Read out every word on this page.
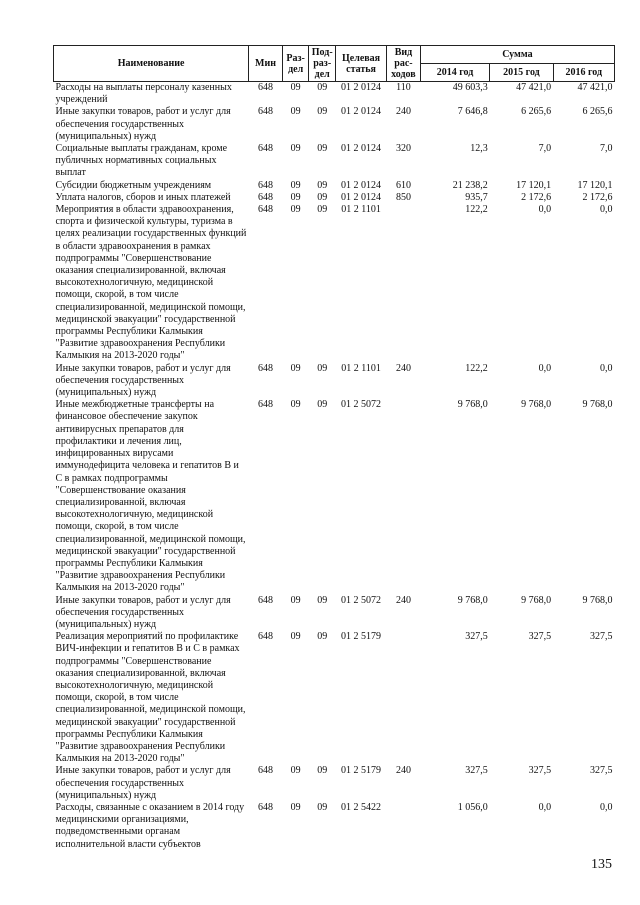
Наименование	Мин	Раз-дел	Под-раз-дел	Целевая статья	Вид рас-ходов	Сумма		
						2014 год	2015 год	2016 год
Расходы на выплаты персоналу казенных учреждений	648	09	09	01 2 0124	110	49 603,3	47 421,0	47 421,0
Иные закупки товаров, работ и услуг для обеспечения государственных (муниципальных) нужд	648	09	09	01 2 0124	240	7 646,8	6 265,6	6 265,6
Социальные выплаты гражданам, кроме публичных нормативных социальных выплат	648	09	09	01 2 0124	320	12,3	7,0	7,0
Субсидии бюджетным учреждениям	648	09	09	01 2 0124	610	21 238,2	17 120,1	17 120,1
Уплата налогов, сборов и иных платежей	648	09	09	01 2 0124	850	935,7	2 172,6	2 172,6
Мероприятия в области здравоохранения, спорта и физической культуры, туризма в целях реализации государственных функций в области здравоохранения в рамках подпрограммы "Совершенствование оказания специализированной, включая высокотехнологичную, медицинской помощи, скорой, в том числе специализированной, медицинской помощи, медицинской эвакуации" государственной программы Республики Калмыкия "Развитие здравоохранения Республики Калмыкия на 2013-2020 годы"	648	09	09	01 2 1101		122,2	0,0	0,0
Иные закупки товаров, работ и услуг для обеспечения государственных (муниципальных) нужд	648	09	09	01 2 1101	240	122,2	0,0	0,0
Иные межбюджетные трансферты на финансовое обеспечение закупок антивирусных препаратов для профилактики и лечения лиц, инфицированных вирусами иммунодефицита человека и гепатитов В и С в рамках подпрограммы "Совершенствование оказания специализированной, включая высокотехнологичную, медицинской помощи, скорой, в том числе специализированной, медицинской помощи, медицинской эвакуации" государственной программы Республики Калмыкия "Развитие здравоохранения Республики Калмыкия на 2013-2020 годы"	648	09	09	01 2 5072		9 768,0	9 768,0	9 768,0
Иные закупки товаров, работ и услуг для обеспечения государственных (муниципальных) нужд	648	09	09	01 2 5072	240	9 768,0	9 768,0	9 768,0
Реализация мероприятий по профилактике ВИЧ-инфекции и гепатитов В и С в рамках подпрограммы "Совершенствование оказания специализированной, включая высокотехнологичную, медицинской помощи, скорой, в том числе специализированной, медицинской помощи, медицинской эвакуации" государственной программы Республики Калмыкия "Развитие здравоохранения Республики Калмыкия на 2013-2020 годы"	648	09	09	01 2 5179		327,5	327,5	327,5
Иные закупки товаров, работ и услуг для обеспечения государственных (муниципальных) нужд	648	09	09	01 2 5179	240	327,5	327,5	327,5
Расходы, связанные с оказанием в 2014 году медицинскими организациями, подведомственными органам исполнительной власти субъектов	648	09	09	01 2 5422		1 056,0	0,0	0,0
135
